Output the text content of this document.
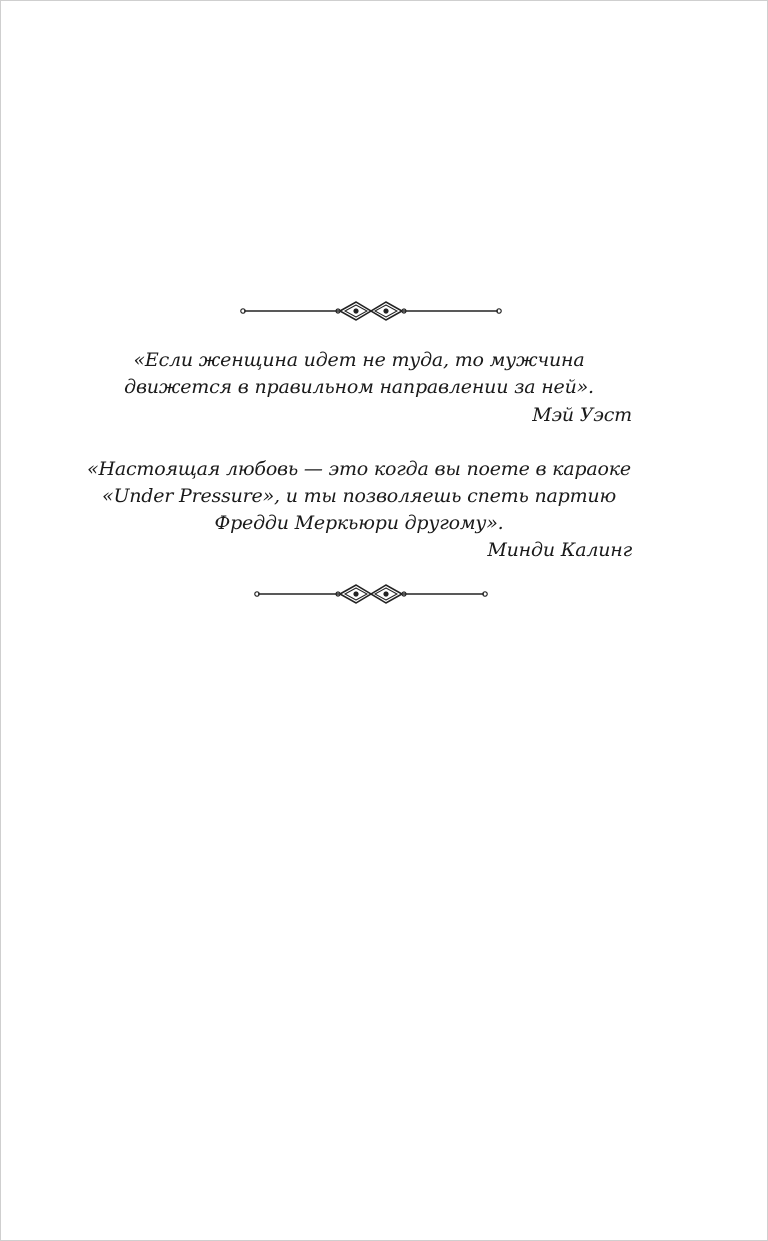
«Если женщина идет не туда, то мужчина
движется в правильном направлении за ней».
Мэй Уэст
«Настоящая любовь — это когда вы поете в караоке
«Under Pressure», и ты позволяешь спеть партию
Фредди Меркьюри другому».
Минди Калинг
